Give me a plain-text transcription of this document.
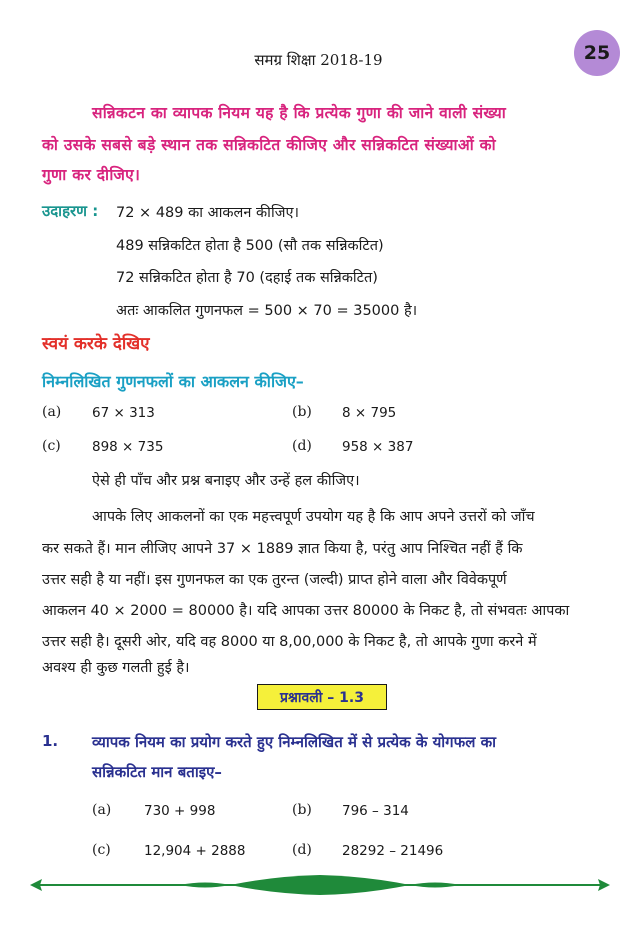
समग्र शिक्षा 2018-19	25
सन्निकटन का व्यापक नियम यह है कि प्रत्येक गुणा की जाने वाली संख्या
को उसके सबसे बड़े स्थान तक सन्निकटित कीजिए और सन्निकटित संख्याओं को
गुणा कर दीजिए।
उदाहरण : 72 × 489 का आकलन कीजिए।
489 सन्निकटित होता है 500 (सौ तक सन्निकटित)
72 सन्निकटित होता है 70 (दहाई तक सन्निकटित)
अतः आकलित गुणनफल = 500 × 70 = 35000 है।
स्वयं करके देखिए
निम्नलिखित गुणनफलों का आकलन कीजिए–
(a) 67 × 313	(b) 8 × 795
(c) 898 × 735	(d) 958 × 387
ऐसे ही पाँच और प्रश्न बनाइए और उन्हें हल कीजिए।
आपके लिए आकलनों का एक महत्त्वपूर्ण उपयोग यह है कि आप अपने उत्तरों को जाँच
कर सकते हैं। मान लीजिए आपने 37 × 1889 ज्ञात किया है, परंतु आप निश्चित नहीं हैं कि
उत्तर सही है या नहीं। इस गुणनफल का एक तुरन्त (जल्दी) प्राप्त होने वाला और विवेकपूर्ण
आकलन 40 × 2000 = 80000 है। यदि आपका उत्तर 80000 के निकट है, तो संभवतः आपका
उत्तर सही है। दूसरी ओर, यदि वह 8000 या 8,00,000 के निकट है, तो आपके गुणा करने में
अवश्य ही कुछ गलती हुई है।
प्रश्नावली – 1.3
1. व्यापक नियम का प्रयोग करते हुए निम्नलिखित में से प्रत्येक के योगफल का
सन्निकटित मान बताइए–
(a) 730 + 998	(b) 796 – 314
(c) 12,904 + 2888	(d) 28292 – 21496
